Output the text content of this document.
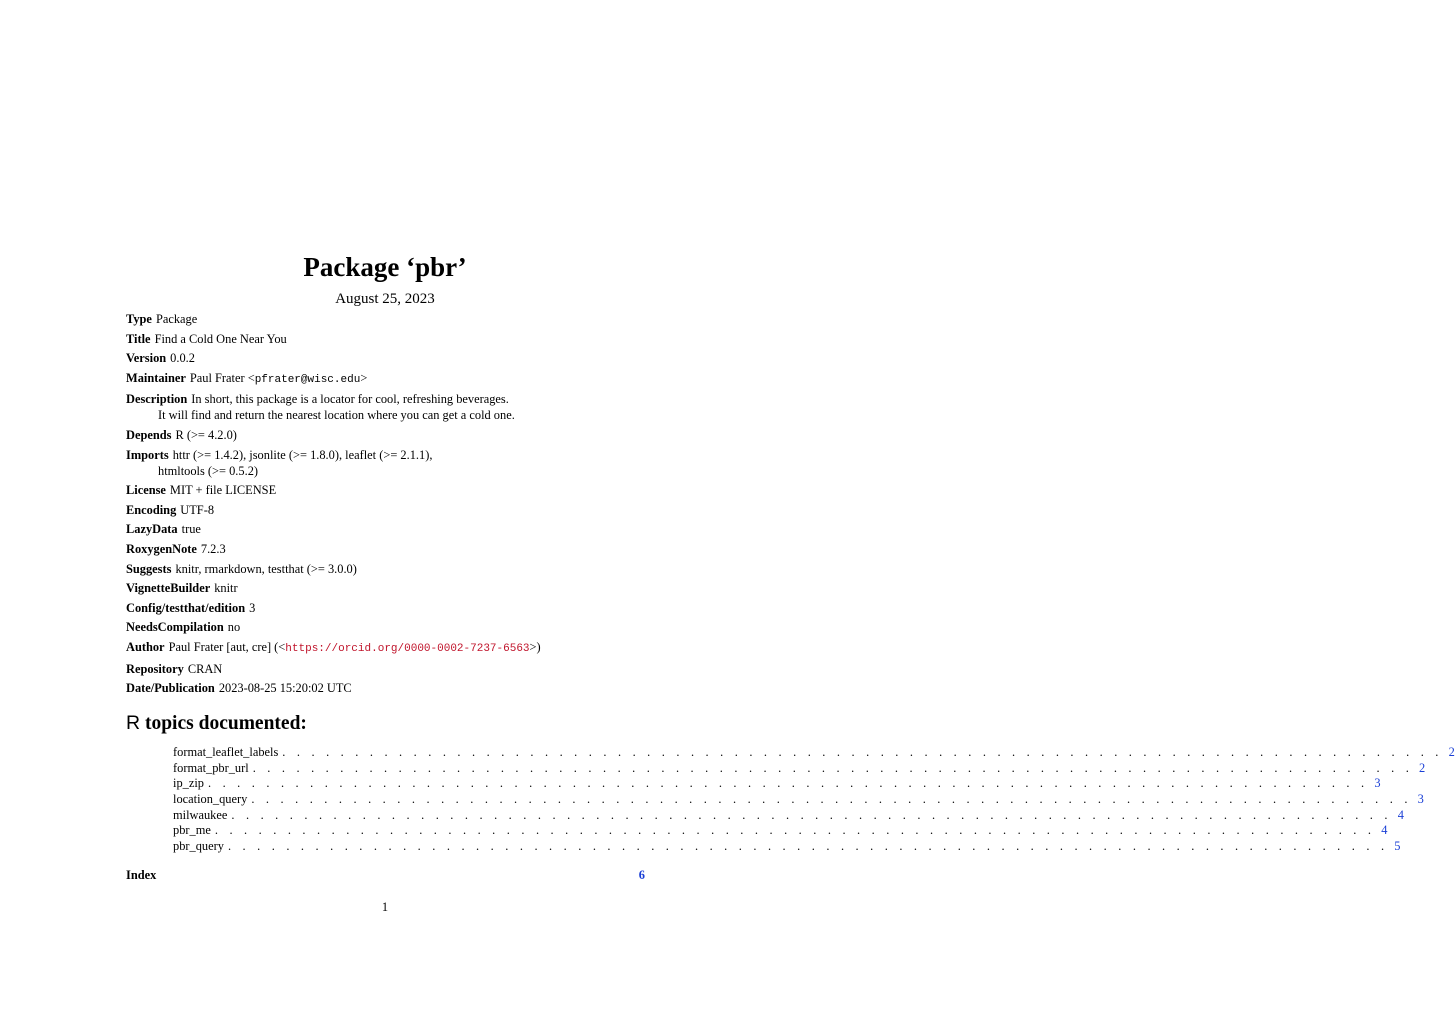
Package ‘pbr’
August 25, 2023
Type Package
Title Find a Cold One Near You
Version 0.0.2
Maintainer Paul Frater <pfrater@wisc.edu>
Description In short, this package is a locator for cool, refreshing beverages.
It will find and return the nearest location where you can get a cold one.
Depends R (>= 4.2.0)
Imports httr (>= 1.4.2), jsonlite (>= 1.8.0), leaflet (>= 2.1.1),
htmltools (>= 0.5.2)
License MIT + file LICENSE
Encoding UTF-8
LazyData true
RoxygenNote 7.2.3
Suggests knitr, rmarkdown, testthat (>= 3.0.0)
VignetteBuilder knitr
Config/testthat/edition 3
NeedsCompilation no
Author Paul Frater [aut, cre] (<https://orcid.org/0000-0002-7237-6563>)
Repository CRAN
Date/Publication 2023-08-25 15:20:02 UTC
R topics documented:
format_leaflet_labels . . . . . . . . . . . . . . . . . . . . . . . . . . . . . . . . . . . . . . . . . . . . . . . . . . . . . . . . . . . . . . . . . . . . . . . . . . . . . . . . 2
format_pbr_url . . . . . . . . . . . . . . . . . . . . . . . . . . . . . . . . . . . . . . . . . . . . . . . . . . . . . . . . . . . . . . . . . . . . . . . . . . . . . . . . 2
ip_zip . . . . . . . . . . . . . . . . . . . . . . . . . . . . . . . . . . . . . . . . . . . . . . . . . . . . . . . . . . . . . . . . . . . . . . . . . . . . . . . . 3
location_query . . . . . . . . . . . . . . . . . . . . . . . . . . . . . . . . . . . . . . . . . . . . . . . . . . . . . . . . . . . . . . . . . . . . . . . . . . . . . . . . 3
milwaukee . . . . . . . . . . . . . . . . . . . . . . . . . . . . . . . . . . . . . . . . . . . . . . . . . . . . . . . . . . . . . . . . . . . . . . . . . . . . . . . . 4
pbr_me . . . . . . . . . . . . . . . . . . . . . . . . . . . . . . . . . . . . . . . . . . . . . . . . . . . . . . . . . . . . . . . . . . . . . . . . . . . . . . . . 4
pbr_query . . . . . . . . . . . . . . . . . . . . . . . . . . . . . . . . . . . . . . . . . . . . . . . . . . . . . . . . . . . . . . . . . . . . . . . . . . . . . . . . 5
Index	6
1
